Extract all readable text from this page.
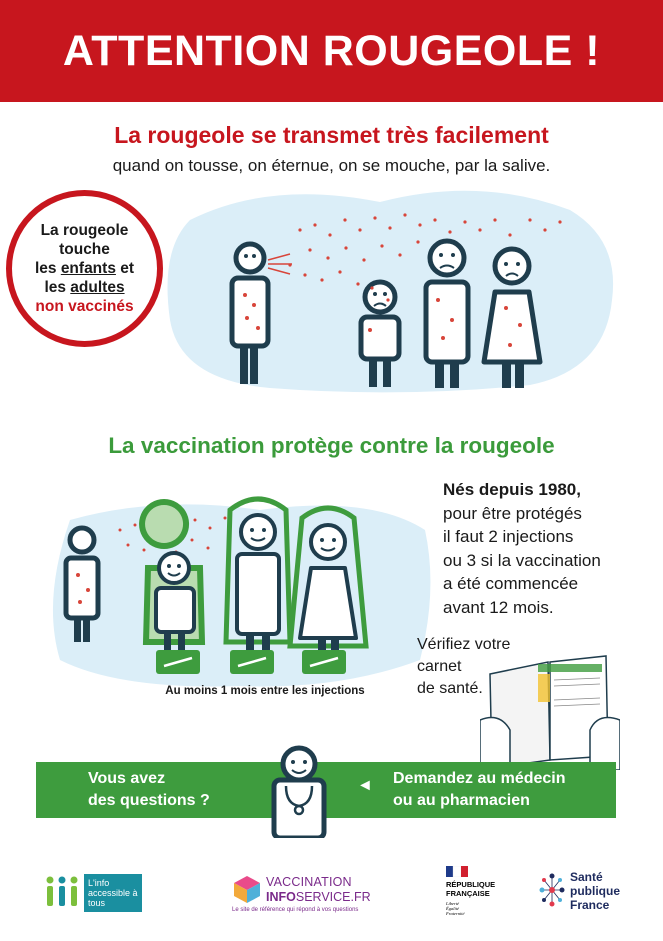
ATTENTION ROUGEOLE !
La rougeole se transmet très facilement
quand on tousse, on éternue, on se mouche, par la salive.
La rougeole
touche
les enfants et
les adultes
non vaccinés
La vaccination protège contre la rougeole
Nés depuis 1980,
pour être protégés
il faut 2 injections
ou 3 si la vaccination
a été commencée
avant 12 mois.
Au moins 1 mois entre les injections
Vérifiez votre
carnet
de santé.
Vous avez
des questions ?
◄ Demandez au médecin
ou au pharmacien
L'info accessible à tous
VACCINATION
INFOSERVICE.FR
Le site de référence qui répond à vos questions
RÉPUBLIQUE
FRANÇAISE
Liberté
Égalité
Fraternité
Santé
publique
France
